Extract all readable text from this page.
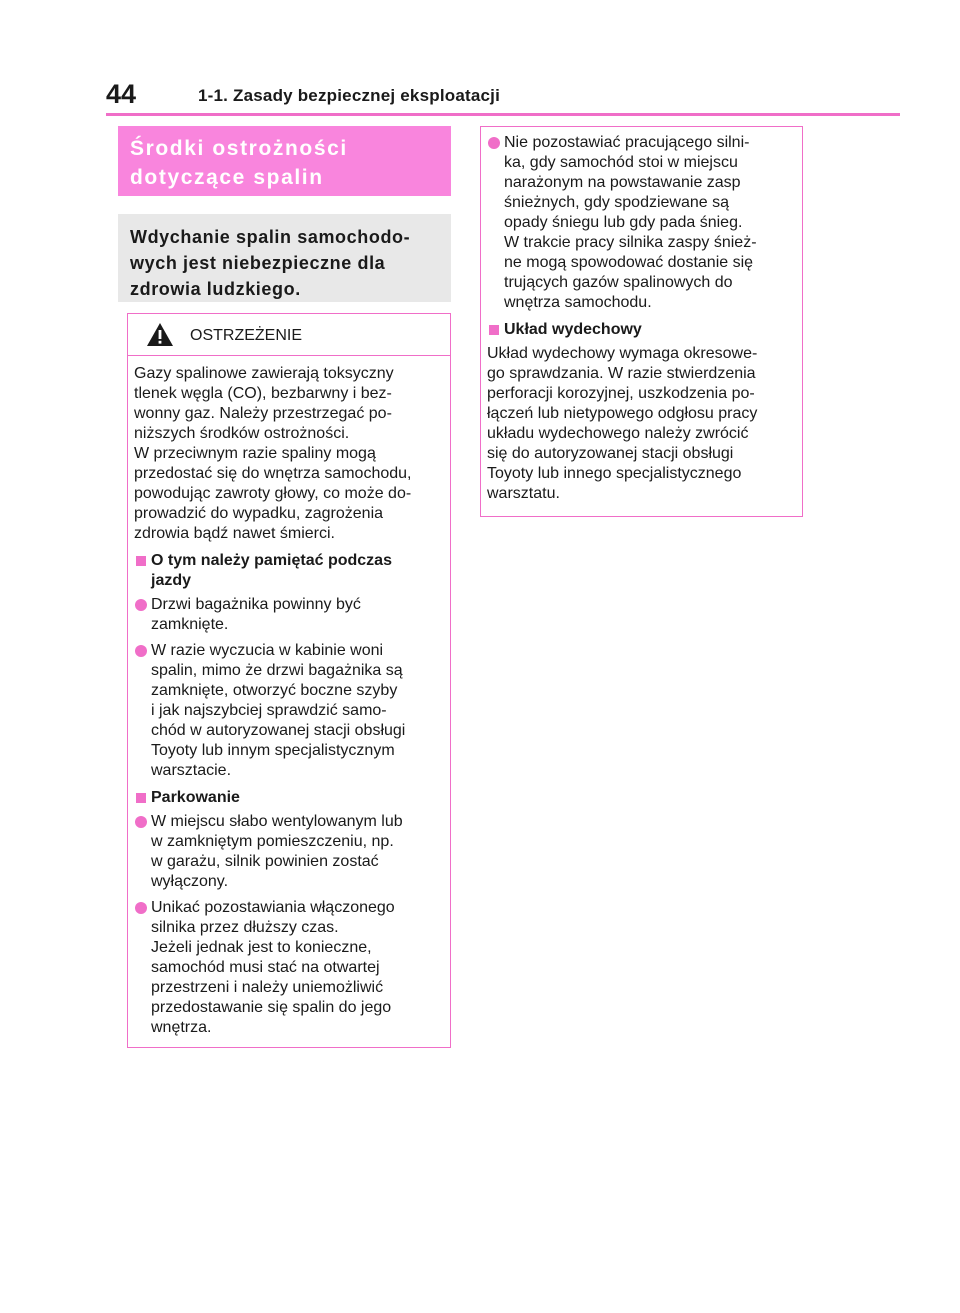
44	1-1. Zasady bezpiecznej eksploatacji
Środki ostrożności
dotyczące spalin
Wdychanie spalin samochodo-
wych jest niebezpieczne dla
zdrowia ludzkiego.
OSTRZEŻENIE

Gazy spalinowe zawierają toksyczny
tlenek węgla (CO), bezbarwny i bez-
wonny gaz. Należy przestrzegać po-
niższych środków ostrożności.
W przeciwnym razie spaliny mogą
przedostać się do wnętrza samochodu,
powodując zawroty głowy, co może do-
prowadzić do wypadku, zagrożenia
zdrowia bądź nawet śmierci.

O tym należy pamiętać podczas
jazdy
Drzwi bagażnika powinny być
zamknięte.
W razie wyczucia w kabinie woni
spalin, mimo że drzwi bagażnika są
zamknięte, otworzyć boczne szyby
i jak najszybciej sprawdzić samo-
chód w autoryzowanej stacji obsługi
Toyoty lub innym specjalistycznym
warsztacie.
Parkowanie
W miejscu słabo wentylowanym lub
w zamkniętym pomieszczeniu, np.
w garażu, silnik powinien zostać
wyłączony.
Unikać pozostawiania włączonego
silnika przez dłuższy czas.
Jeżeli jednak jest to konieczne,
samochód musi stać na otwartej
przestrzeni i należy uniemożliwić
przedostawanie się spalin do jego
wnętrza.
Nie pozostawiać pracującego silni-
ka, gdy samochód stoi w miejscu
narażonym na powstawanie zasp
śnieżnych, gdy spodziewane są
opady śniegu lub gdy pada śnieg.
W trakcie pracy silnika zaspy śnież-
ne mogą spowodować dostanie się
trujących gazów spalinowych do
wnętrza samochodu.
Układ wydechowy

Układ wydechowy wymaga okresowe-
go sprawdzania. W razie stwierdzenia
perforacji korozyjnej, uszkodzenia po-
łączeń lub nietypowego odgłosu pracy
układu wydechowego należy zwrócić
się do autoryzowanej stacji obsługi
Toyoty lub innego specjalistycznego
warsztatu.
